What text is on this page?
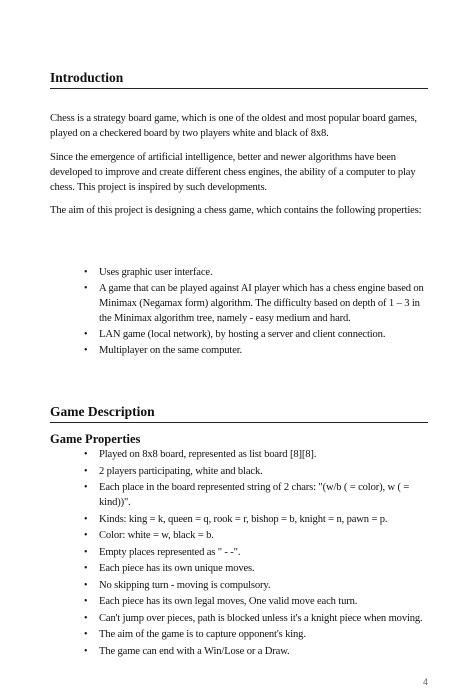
Introduction

Chess is a strategy board game, which is one of the oldest and most popular board games, played on a checkered board by two players white and black of 8x8.

Since the emergence of artificial intelligence, better and newer algorithms have been developed to improve and create different chess engines, the ability of a computer to play chess. This project is inspired by such developments.

The aim of this project is designing a chess game, which contains the following properties:

• Uses graphic user interface.
• A game that can be played against AI player which has a chess engine based on Minimax (Negamax form) algorithm. The difficulty based on depth of 1 – 3 in the Minimax algorithm tree, namely - easy medium and hard.
• LAN game (local network), by hosting a server and client connection.
• Multiplayer on the same computer.
Game Description
Game Properties
• Played on 8x8 board, represented as list board [8][8].
• 2 players participating, white and black.
• Each place in the board represented string of 2 chars: "(w/b ( = color), w ( = kind))".
• Kinds: king = k, queen = q, rook = r, bishop = b, knight = n, pawn = p.
• Color: white = w, black = b.
• Empty places represented as " - -".
• Each piece has its own unique moves.
• No skipping turn - moving is compulsory.
• Each piece has its own legal moves, One valid move each turn.
• Can't jump over pieces, path is blocked unless it's a knight piece when moving.
• The aim of the game is to capture opponent's king.
• The game can end with a Win/Lose or a Draw.
4
